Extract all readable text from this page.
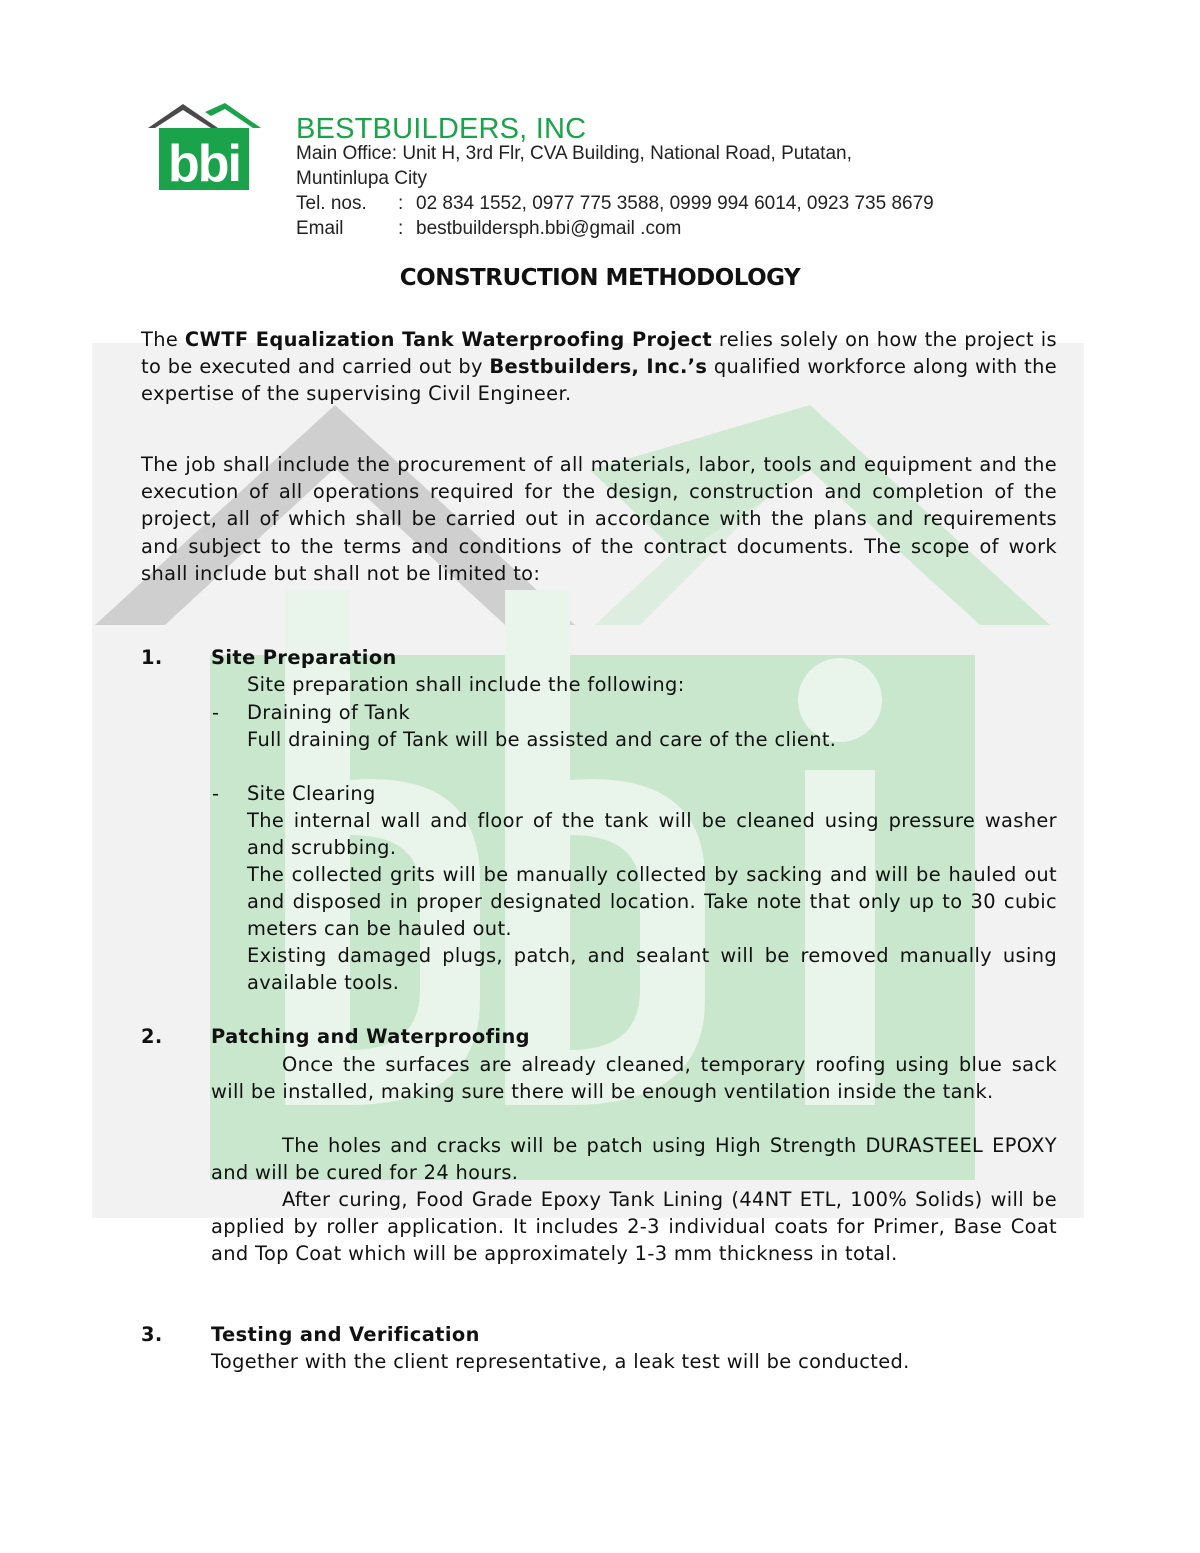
bbi
BESTBUILDERS, INC
Main Office: Unit H, 3rd Flr, CVA Building, National Road, Putatan,
Muntinlupa City
Tel. nos. : 02 834 1552, 0977 775 3588, 0999 994 6014, 0923 735 8679
Email	: bestbuildersph.bbi@gmail .com
CONSTRUCTION METHODOLOGY

The CWTF Equalization Tank Waterproofing Project relies solely on how the project is to be executed and carried out by Bestbuilders, Inc.’s qualified workforce along with the expertise of the supervising Civil Engineer.

The job shall include the procurement of all materials, labor, tools and equipment and the execution of all operations required for the design, construction and completion of the project, all of which shall be carried out in accordance with the plans and requirements and subject to the terms and conditions of the contract documents. The scope of work shall include but shall not be limited to:

1. Site Preparation

Site preparation shall include the following:

- Draining of Tank

Full draining of Tank will be assisted and care of the client.

- Site Clearing

The internal wall and floor of the tank will be cleaned using pressure washer and scrubbing.

The collected grits will be manually collected by sacking and will be hauled out and disposed in proper designated location. Take note that only up to 30 cubic meters can be hauled out.

Existing damaged plugs, patch, and sealant will be removed manually using available tools.

2. Patching and Waterproofing

Once the surfaces are already cleaned, temporary roofing using blue sack will be installed, making sure there will be enough ventilation inside the tank.

The holes and cracks will be patch using High Strength DURASTEEL EPOXY and will be cured for 24 hours.

After curing, Food Grade Epoxy Tank Lining (44NT ETL, 100% Solids) will be applied by roller application. It includes 2-3 individual coats for Primer, Base Coat and Top Coat which will be approximately 1-3 mm thickness in total.

3. Testing and Verification

Together with the client representative, a leak test will be conducted.
